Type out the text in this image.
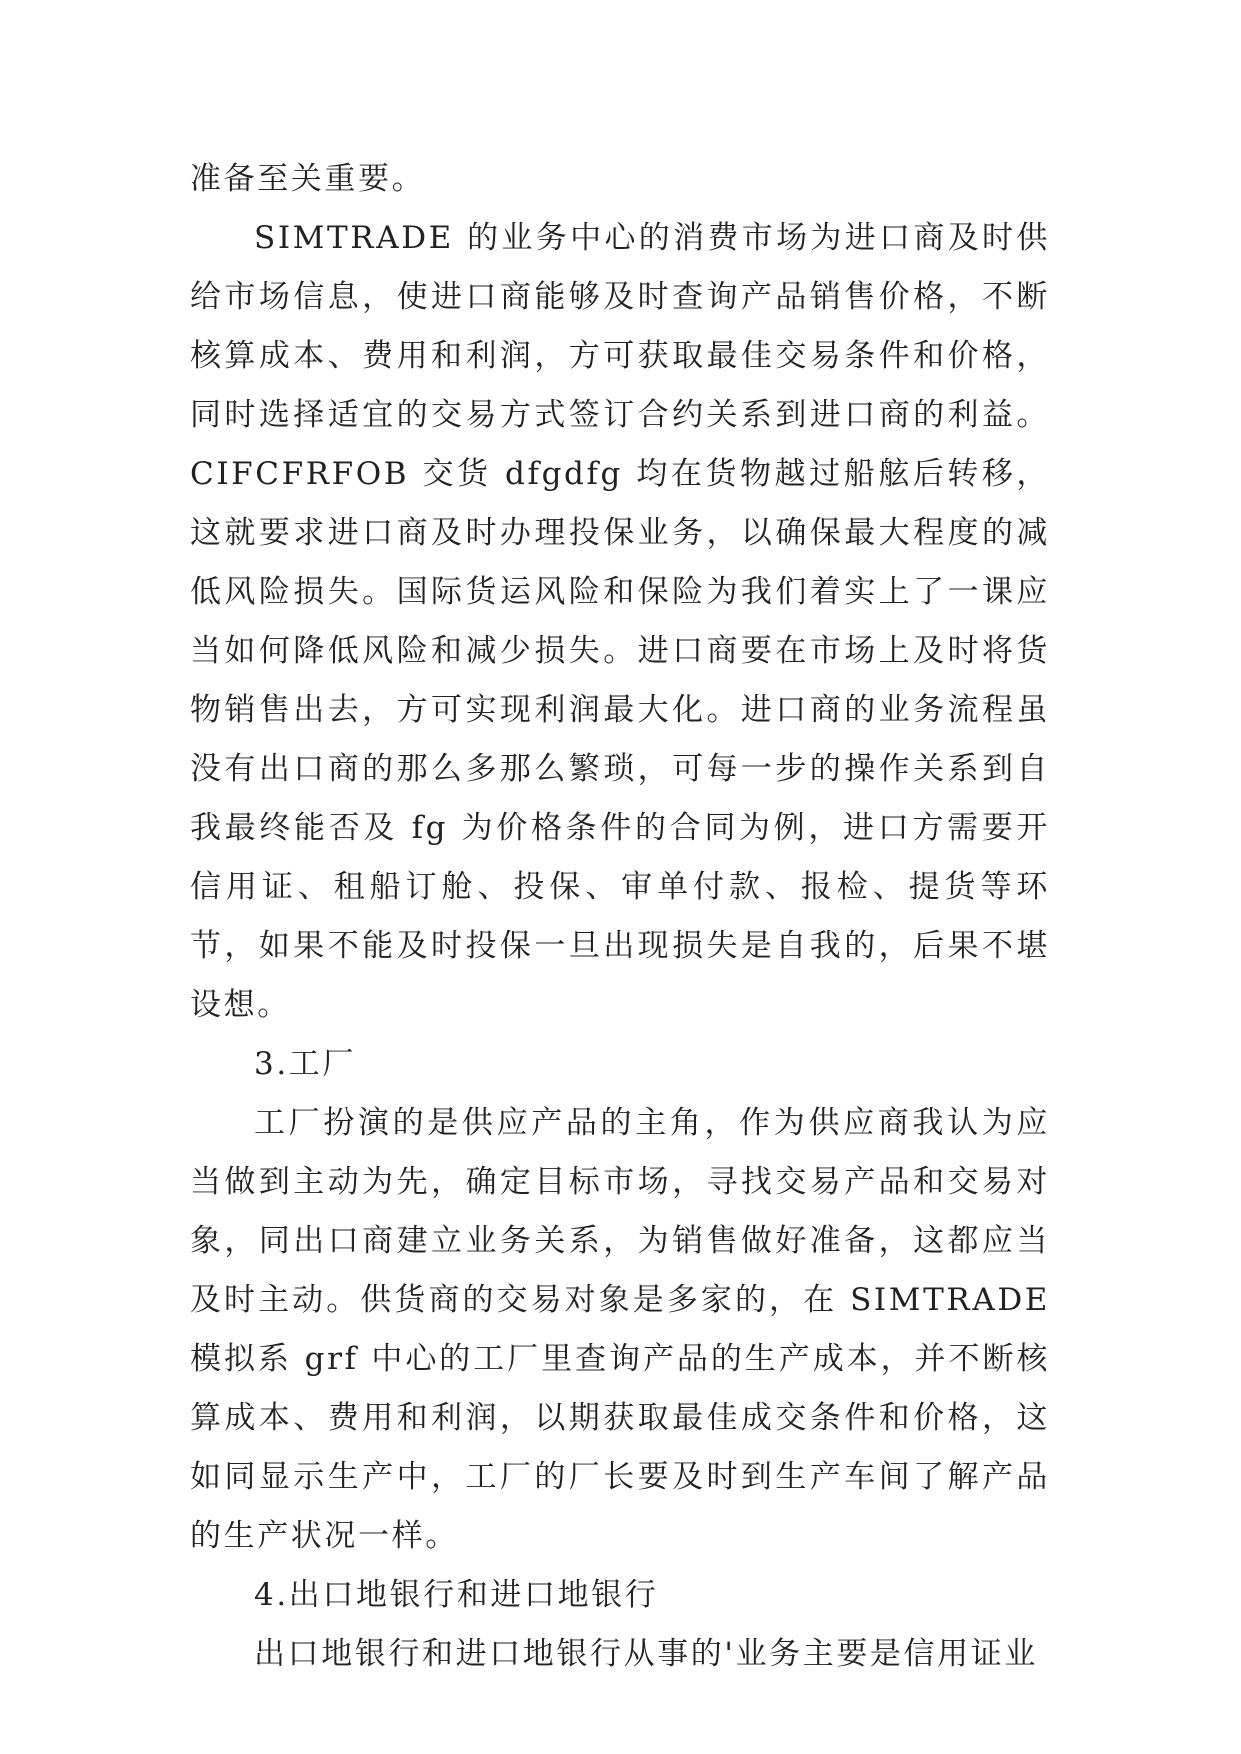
准备至关重要。

SIMTRADE 的业务中心的消费市场为进口商及时供给市场信息，使进口商能够及时查询产品销售价格，不断核算成本、费用和利润，方可获取最佳交易条件和价格，同时选择适宜的交易方式签订合约关系到进口商的利益。CIFCFRFOB 交货 dfgdfg 均在货物越过船舷后转移，这就要求进口商及时办理投保业务，以确保最大程度的减低风险损失。国际货运风险和保险为我们着实上了一课应当如何降低风险和减少损失。进口商要在市场上及时将货物销售出去，方可实现利润最大化。进口商的业务流程虽没有出口商的那么多那么繁琐，可每一步的操作关系到自我最终能否及 fg 为价格条件的合同为例，进口方需要开信用证、租船订舱、投保、审单付款、报检、提货等环节，如果不能及时投保一旦出现损失是自我的，后果不堪设想。

3.工厂

工厂扮演的是供应产品的主角，作为供应商我认为应当做到主动为先，确定目标市场，寻找交易产品和交易对象，同出口商建立业务关系，为销售做好准备，这都应当及时主动。供货商的交易对象是多家的，在 SIMTRADE 模拟系 grf 中心的工厂里查询产品的生产成本，并不断核算成本、费用和利润，以期获取最佳成交条件和价格，这如同显示生产中，工厂的厂长要及时到生产车间了解产品的生产状况一样。

4.出口地银行和进口地银行

出口地银行和进口地银行从事的'业务主要是信用证业
